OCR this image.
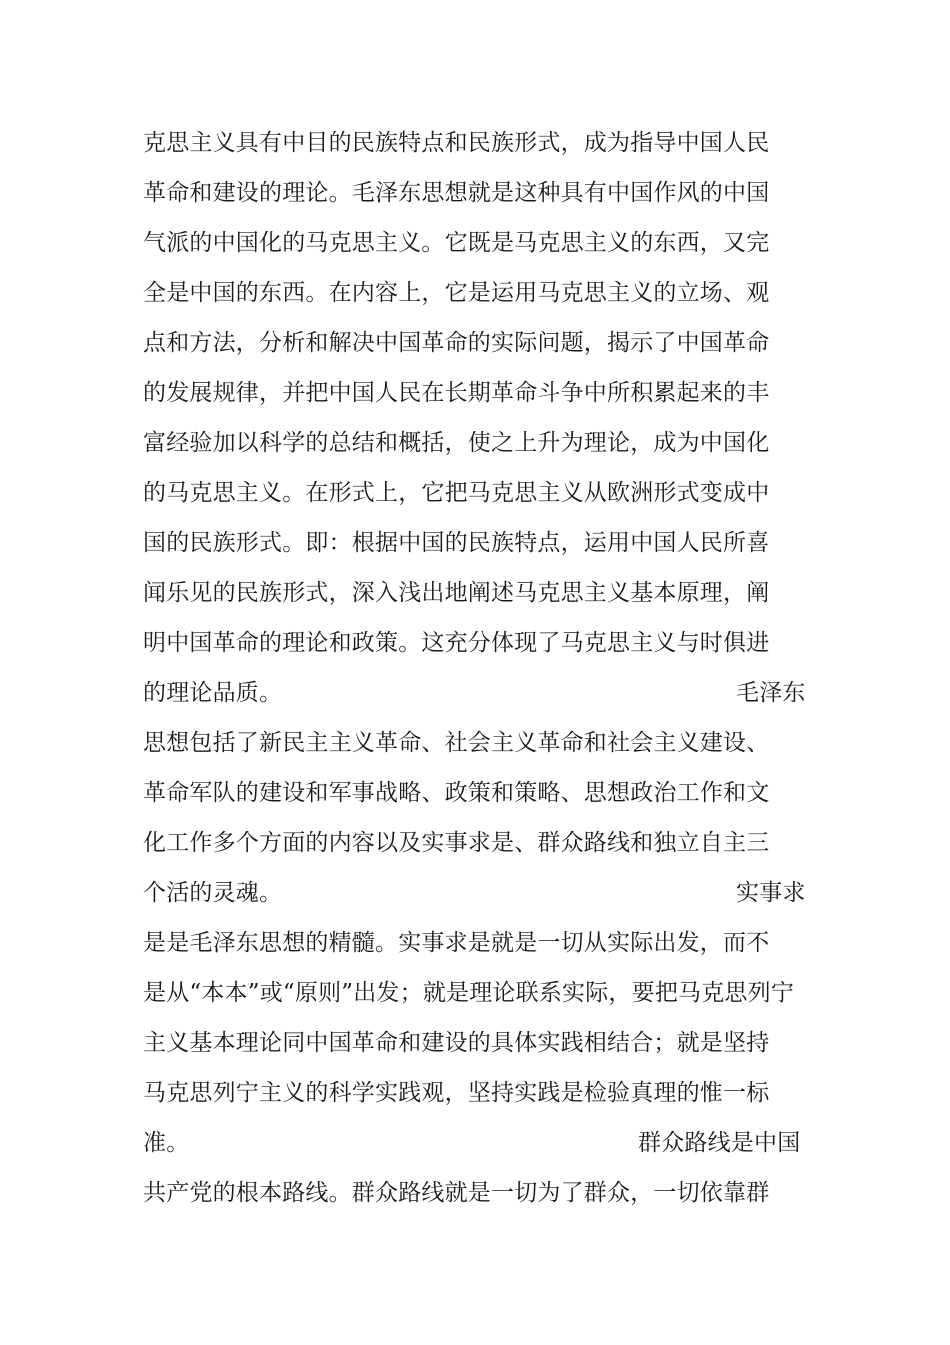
克思主义具有中目的民族特点和民族形式，成为指导中国人民
革命和建设的理论。毛泽东思想就是这种具有中国作风的中国
气派的中国化的马克思主义。它既是马克思主义的东西，又完
全是中国的东西。在内容上，它是运用马克思主义的立场、观
点和方法，分析和解决中国革命的实际问题，揭示了中国革命
的发展规律，并把中国人民在长期革命斗争中所积累起来的丰
富经验加以科学的总结和概括，使之上升为理论，成为中国化
的马克思主义。在形式上，它把马克思主义从欧洲形式变成中
国的民族形式。即：根据中国的民族特点，运用中国人民所喜
闻乐见的民族形式，深入浅出地阐述马克思主义基本原理，阐
明中国革命的理论和政策。这充分体现了马克思主义与时俱进
的理论品质。	毛泽东
思想包括了新民主主义革命、社会主义革命和社会主义建设、
革命军队的建设和军事战略、政策和策略、思想政治工作和文
化工作多个方面的内容以及实事求是、群众路线和独立自主三
个活的灵魂。	实事求
是是毛泽东思想的精髓。实事求是就是一切从实际出发，而不
是从“本本”或“原则”出发；就是理论联系实际，要把马克思列宁
主义基本理论同中国革命和建设的具体实践相结合；就是坚持
马克思列宁主义的科学实践观，坚持实践是检验真理的惟一标
准。	群众路线是中国
共产党的根本路线。群众路线就是一切为了群众，一切依靠群
